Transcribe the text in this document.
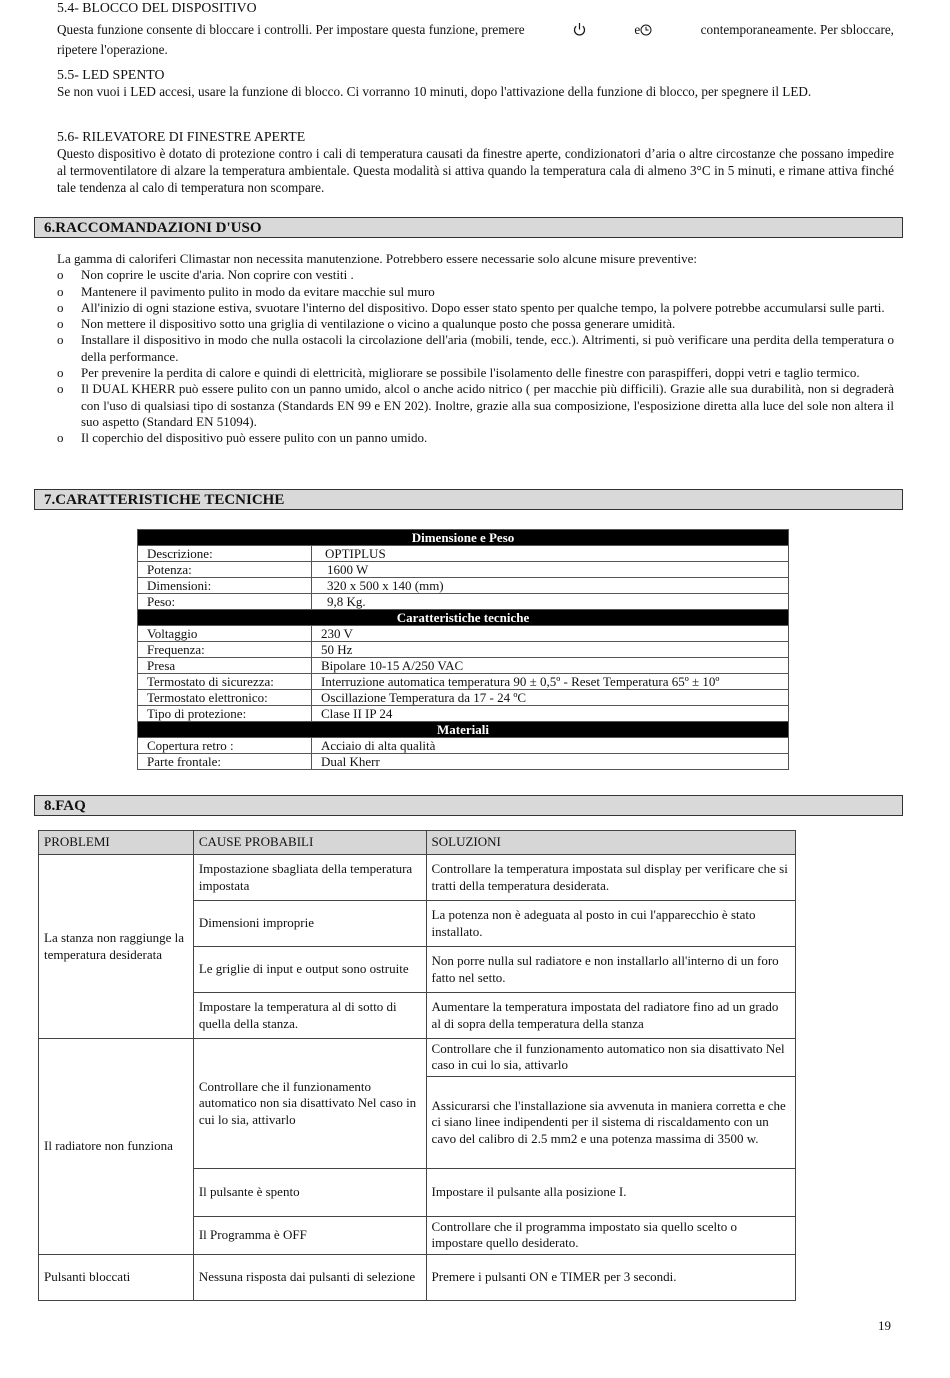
5.4- BLOCCO DEL DISPOSITIVO
Questa funzione consente di bloccare i controlli. Per impostare questa funzione, premere	e	contemporaneamente. Per sbloccare,
ripetere l'operazione.
5.5- LED SPENTO
Se non vuoi i LED accesi, usare la funzione di blocco. Ci vorranno 10 minuti, dopo l'attivazione della funzione di blocco, per spegnere il LED.
5.6- RILEVATORE DI FINESTRE APERTE
Questo dispositivo è dotato di protezione contro i cali di temperatura causati da finestre aperte, condizionatori d’aria o altre circostanze che possano impedire al termoventilatore di alzare la temperatura ambientale. Questa modalità si attiva quando la temperatura cala di almeno 3°C in 5 minuti, e rimane attiva finché tale tendenza al calo di temperatura non scompare.
6.RACCOMANDAZIONI D'USO
La gamma di caloriferi Climastar non necessita manutenzione. Potrebbero essere necessarie solo alcune misure preventive:
o Non coprire le uscite d'aria. Non coprire con vestiti .
o Mantenere il pavimento pulito in modo da evitare macchie sul muro
o All'inizio di ogni stazione estiva, svuotare l'interno del dispositivo. Dopo esser stato spento per qualche tempo, la polvere potrebbe accumularsi sulle parti.
o Non mettere il dispositivo sotto una griglia di ventilazione o vicino a qualunque posto che possa generare umidità.
o Installare il dispositivo in modo che nulla ostacoli la circolazione dell'aria (mobili, tende, ecc.). Altrimenti, si può verificare una perdita della temperatura o della performance.
o Per prevenire la perdita di calore e quindi di elettricità, migliorare se possibile l'isolamento delle finestre con paraspifferi, doppi vetri e taglio termico.
o Il DUAL KHERR può essere pulito con un panno umido, alcol o anche acido nitrico ( per macchie più difficili). Grazie alle sua durabilità, non si degraderà con l'uso di qualsiasi tipo di sostanza (Standards EN 99 e EN 202). Inoltre, grazie alla sua composizione, l'esposizione diretta alla luce del sole non altera il suo aspetto (Standard EN 51094).
o Il coperchio del dispositivo può essere pulito con un panno umido.
7.CARATTERISTICHE TECNICHE
Dimensione e Peso	
Descrizione:	OPTIPLUS
Potenza:	1600 W
Dimensioni:	320 x 500 x 140 (mm)
Peso:	9,8 Kg.
Caratteristiche tecniche	
Voltaggio	230 V
Frequenza:	50 Hz
Presa	Bipolare 10-15 A/250 VAC
Termostato di sicurezza:	Interruzione automatica temperatura 90 ± 0,5º - Reset Temperatura 65º ± 10º
Termostato elettronico:	Oscillazione Temperatura da 17 - 24 ºC
Tipo di protezione:	Clase II IP 24
Materiali	
Copertura retro :	Acciaio di alta qualità
Parte frontale:	Dual Kherr
8.FAQ
PROBLEMI	CAUSE PROBABILI	SOLUZIONI
La stanza non raggiunge la temperatura desiderata	Impostazione sbagliata della temperatura impostata	Controllare la temperatura impostata sul display per verificare che si tratti della temperatura desiderata.
	Dimensioni improprie	La potenza non è adeguata al posto in cui l'apparecchio è stato installato.
	Le griglie di input e output sono ostruite	Non porre nulla sul radiatore e non installarlo all'interno di un foro fatto nel setto.
	Impostare la temperatura al di sotto di quella della stanza.	Aumentare la temperatura impostata del radiatore fino ad un grado al di sopra della temperatura della stanza
Il radiatore non funziona	Controllare che il funzionamento automatico non sia disattivato Nel caso in cui lo sia, attivarlo	Controllare che il funzionamento automatico non sia disattivato Nel caso in cui lo sia, attivarlo
		Assicurarsi che l'installazione sia avvenuta in maniera corretta e che ci siano linee indipendenti per il sistema di riscaldamento con un cavo del calibro di 2.5 mm2 e una potenza massima di 3500 w.
	Il pulsante è spento	Impostare il pulsante alla posizione I.
	Il Programma è OFF	Controllare che il programma impostato sia quello scelto o impostare quello desiderato.
Pulsanti bloccati	Nessuna risposta dai pulsanti di selezione	Premere i pulsanti ON e TIMER per 3 secondi.
19
